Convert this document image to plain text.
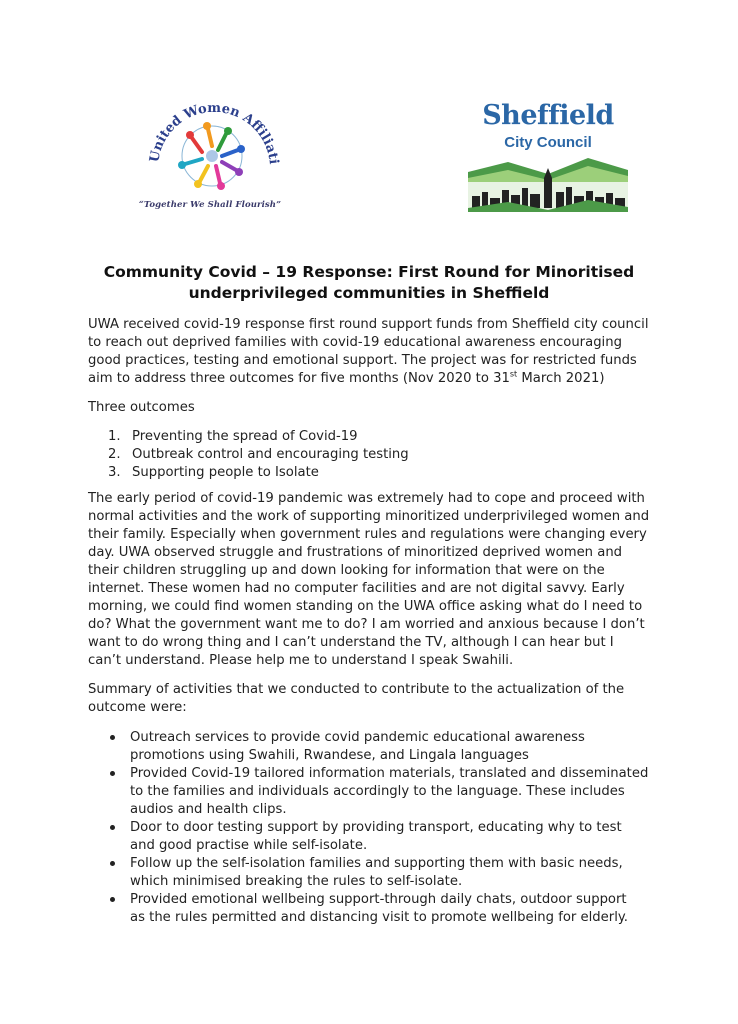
United Women Affiliation
“Together We Shall Flourish”
Sheffield
City Council
Community Covid – 19 Response: First Round for Minoritised
underprivileged communities in Sheffield
UWA received covid-19 response first round support funds from Sheffield city council
to reach out deprived families with covid-19 educational awareness encouraging
good practices, testing and emotional support. The project was for restricted funds
aim to address three outcomes for five months (Nov 2020 to 31st March 2021)
Three outcomes
1. Preventing the spread of Covid-19
2. Outbreak control and encouraging testing
3. Supporting people to Isolate
The early period of covid-19 pandemic was extremely had to cope and proceed with
normal activities and the work of supporting minoritized underprivileged women and
their family. Especially when government rules and regulations were changing every
day. UWA observed struggle and frustrations of minoritized deprived women and
their children struggling up and down looking for information that were on the
internet. These women had no computer facilities and are not digital savvy. Early
morning, we could find women standing on the UWA office asking what do I need to
do? What the government want me to do? I am worried and anxious because I don’t
want to do wrong thing and I can’t understand the TV, although I can hear but I
can’t understand. Please help me to understand I speak Swahili.
Summary of activities that we conducted to contribute to the actualization of the
outcome were:
Outreach services to provide covid pandemic educational awareness
promotions using Swahili, Rwandese, and Lingala languages
Provided Covid-19 tailored information materials, translated and disseminated
to the families and individuals accordingly to the language. These includes
audios and health clips.
Door to door testing support by providing transport, educating why to test
and good practise while self-isolate.
Follow up the self-isolation families and supporting them with basic needs,
which minimised breaking the rules to self-isolate.
Provided emotional wellbeing support-through daily chats, outdoor support
as the rules permitted and distancing visit to promote wellbeing for elderly.
